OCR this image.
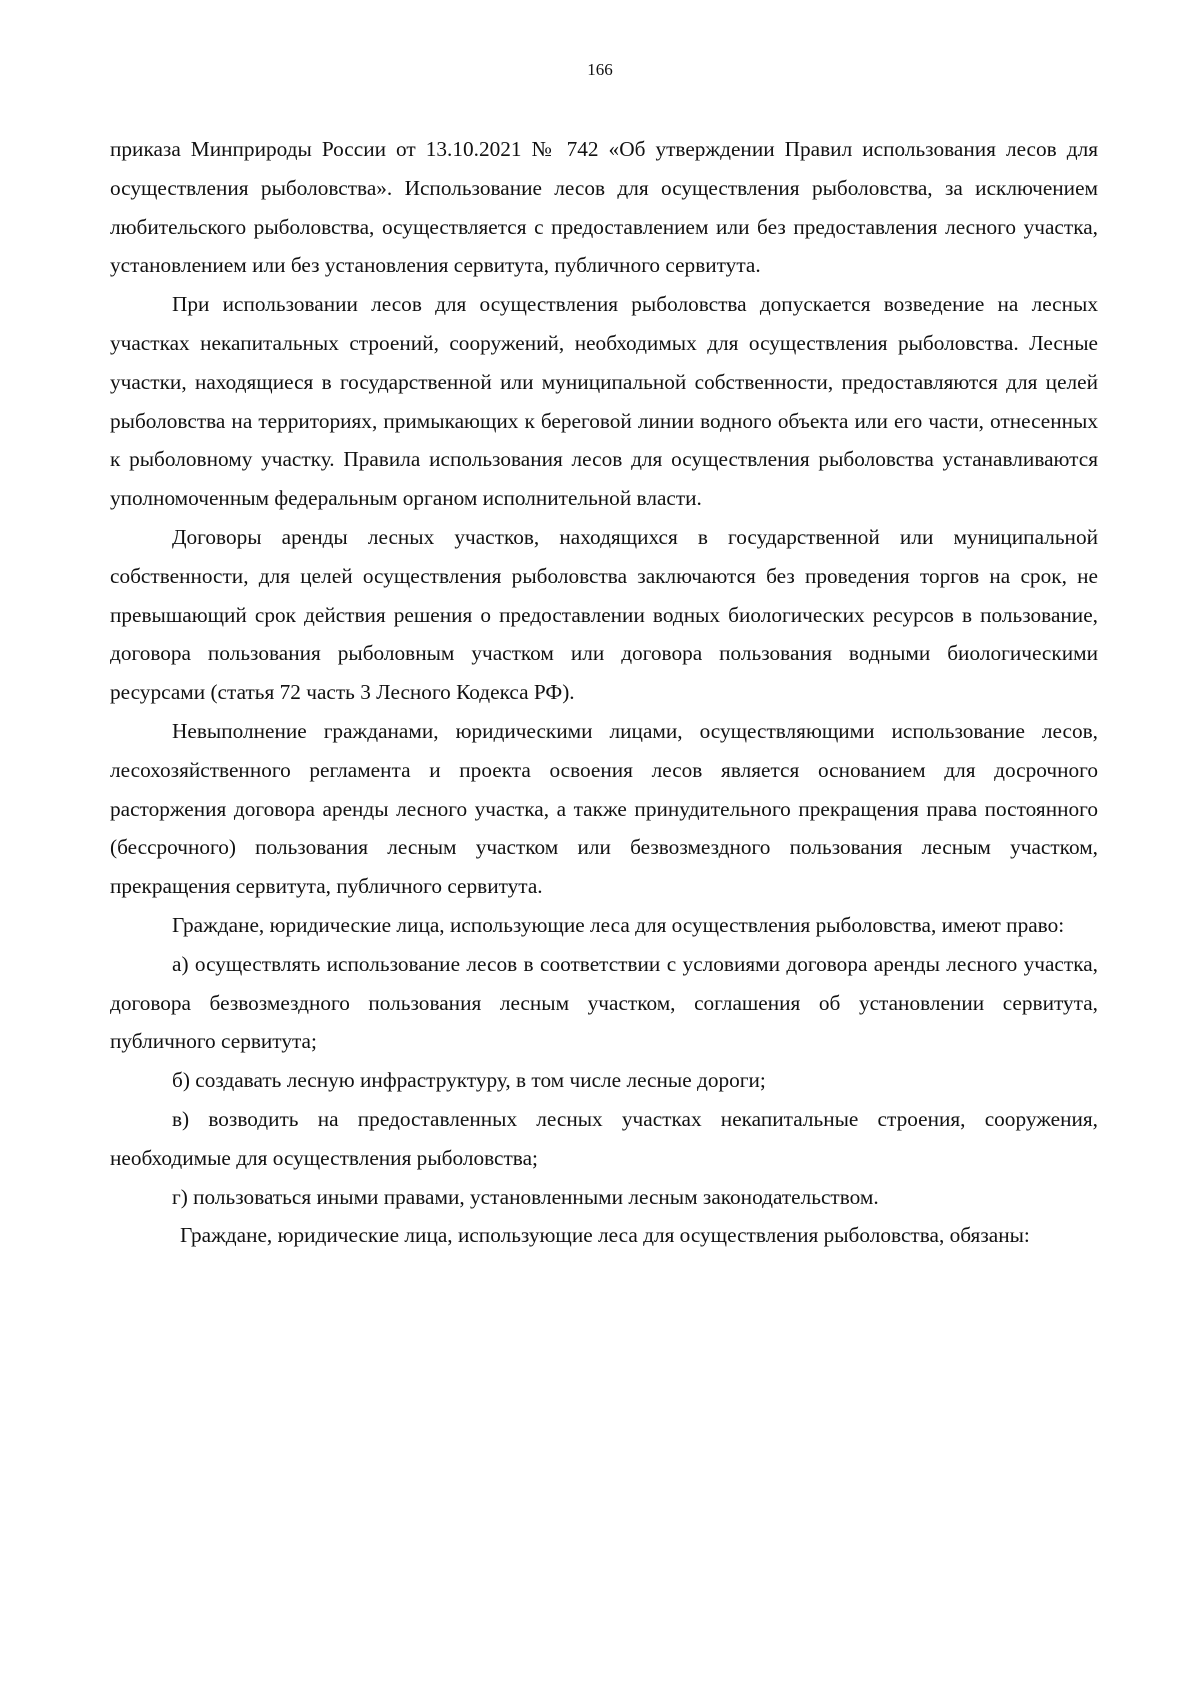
166

приказа Минприроды России от 13.10.2021 № 742 «Об утверждении Правил использования лесов для осуществления рыболовства». Использование лесов для осуществления рыболовства, за исключением любительского рыболовства, осуществляется с предоставлением или без предоставления лесного участка, установлением или без установления сервитута, публичного сервитута.

При использовании лесов для осуществления рыболовства допускается возведение на лесных участках некапитальных строений, сооружений, необходимых для осуществления рыболовства. Лесные участки, находящиеся в государственной или муниципальной собственности, предоставляются для целей рыболовства на территориях, примыкающих к береговой линии водного объекта или его части, отнесенных к рыболовному участку. Правила использования лесов для осуществления рыболовства устанавливаются уполномоченным федеральным органом исполнительной власти.

Договоры аренды лесных участков, находящихся в государственной или муниципальной собственности, для целей осуществления рыболовства заключаются без проведения торгов на срок, не превышающий срок действия решения о предоставлении водных биологических ресурсов в пользование, договора пользования рыболовным участком или договора пользования водными биологическими ресурсами (статья 72 часть 3 Лесного Кодекса РФ).

Невыполнение гражданами, юридическими лицами, осуществляющими использование лесов, лесохозяйственного регламента и проекта освоения лесов является основанием для досрочного расторжения договора аренды лесного участка, а также принудительного прекращения права постоянного (бессрочного) пользования лесным участком или безвозмездного пользования лесным участком, прекращения сервитута, публичного сервитута.

Граждане, юридические лица, использующие леса для осуществления рыболовства, имеют право:

а) осуществлять использование лесов в соответствии с условиями договора аренды лесного участка, договора безвозмездного пользования лесным участком, соглашения об установлении сервитута, публичного сервитута;

б) создавать лесную инфраструктуру, в том числе лесные дороги;

в) возводить на предоставленных лесных участках некапитальные строения, сооружения, необходимые для осуществления рыболовства;

г) пользоваться иными правами, установленными лесным законодательством.

Граждане, юридические лица, использующие леса для осуществления рыболовства, обязаны:
